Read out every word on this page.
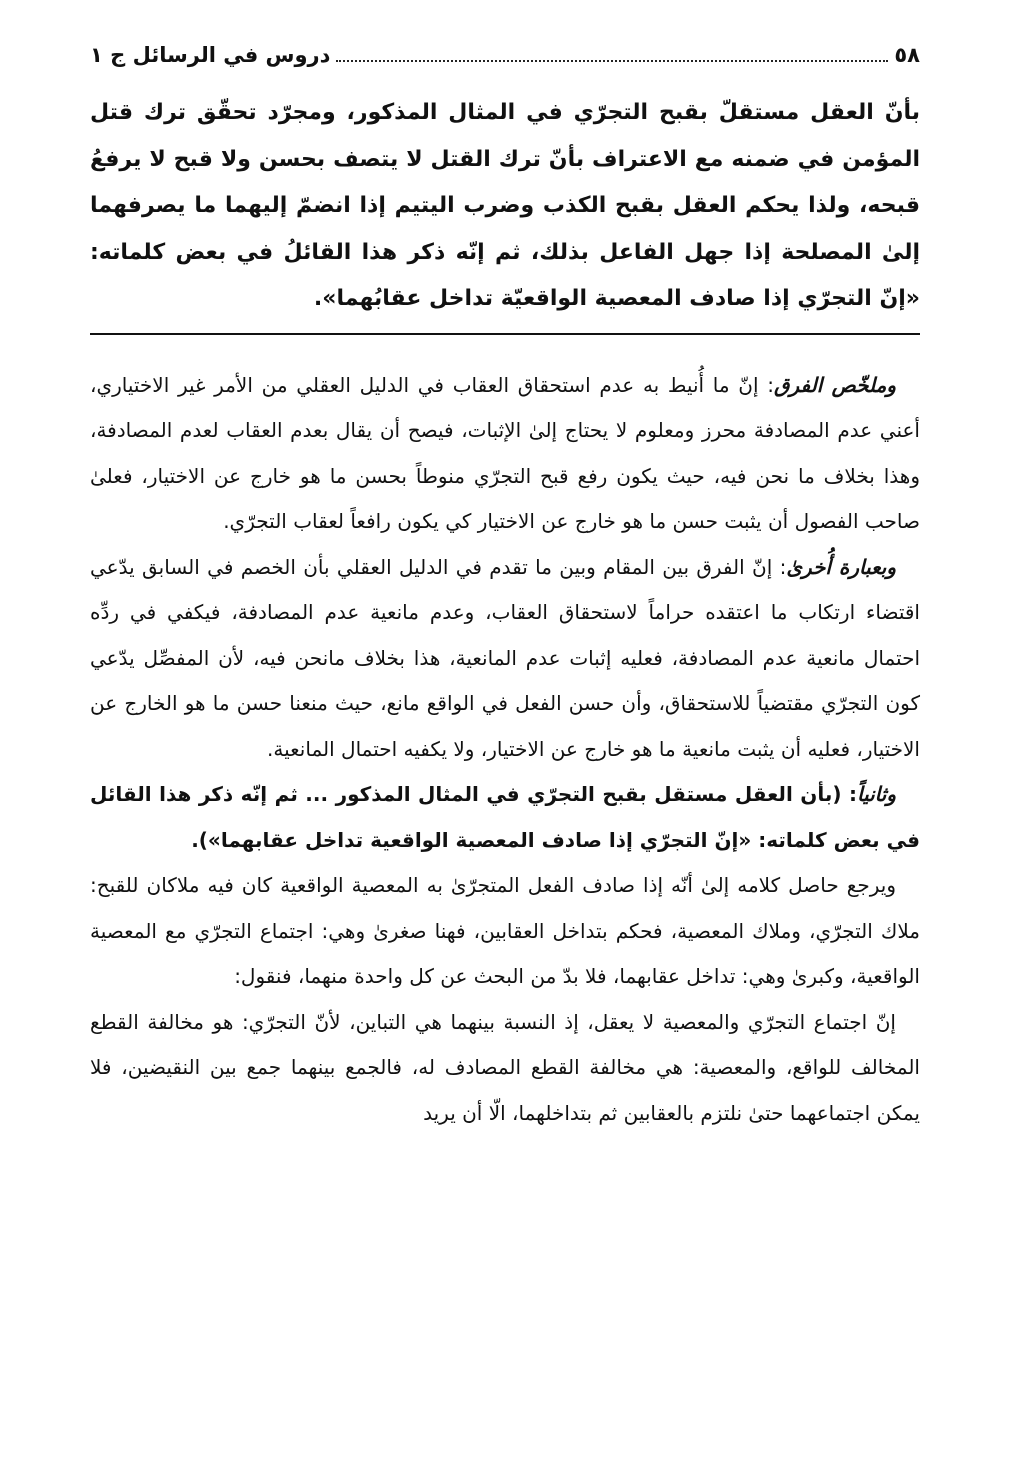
٥٨
دروس في الرسائل ج ١
بأنّ العقل مستقلّ بقبح التجرّي في المثال المذكور، ومجرّد تحقّق ترك قتل المؤمن في ضمنه مع الاعتراف بأنّ ترك القتل لا يتصف بحسن ولا قبح لا يرفعُ قبحه، ولذا يحكم العقل بقبح الكذب وضرب اليتيم إذا انضمّ إليهما ما يصرفهما إلىٰ المصلحة إذا جهل الفاعل بذلك، ثم إنّه ذكر هذا القائلُ في بعض كلماته: «إنّ التجرّي إذا صادف المعصية الواقعيّة تداخل عقابُهما».

وملخّص الفرق: إنّ ما أُنيط به عدم استحقاق العقاب في الدليل العقلي من الأمر غير الاختياري، أعني عدم المصادفة محرز ومعلوم لا يحتاج إلىٰ الإثبات، فيصح أن يقال بعدم العقاب لعدم المصادفة، وهذا بخلاف ما نحن فيه، حيث يكون رفع قبح التجرّي منوطاً بحسن ما هو خارج عن الاختيار، فعلىٰ صاحب الفصول أن يثبت حسن ما هو خارج عن الاختيار كي يكون رافعاً لعقاب التجرّي.

وبعبارة أُخرىٰ: إنّ الفرق بين المقام وبين ما تقدم في الدليل العقلي بأن الخصم في السابق يدّعي اقتضاء ارتكاب ما اعتقده حراماً لاستحقاق العقاب، وعدم مانعية عدم المصادفة، فيكفي في ردِّه احتمال مانعية عدم المصادفة، فعليه إثبات عدم المانعية، هذا بخلاف مانحن فيه، لأن المفصِّل يدّعي كون التجرّي مقتضياً للاستحقاق، وأن حسن الفعل في الواقع مانع، حيث منعنا حسن ما هو الخارج عن الاختيار، فعليه أن يثبت مانعية ما هو خارج عن الاختيار، ولا يكفيه احتمال المانعية.

وثانياً: (بأن العقل مستقل بقبح التجرّي في المثال المذكور ... ثم إنّه ذكر هذا القائل في بعض كلماته: «إنّ التجرّي إذا صادف المعصية الواقعية تداخل عقابهما»).

ويرجع حاصل كلامه إلىٰ أنّه إذا صادف الفعل المتجرّىٰ به المعصية الواقعية كان فيه ملاكان للقبح: ملاك التجرّي، وملاك المعصية، فحكم بتداخل العقابين، فهنا صغرىٰ وهي: اجتماع التجرّي مع المعصية الواقعية، وكبرىٰ وهي: تداخل عقابهما، فلا بدّ من البحث عن كل واحدة منهما، فنقول:

إنّ اجتماع التجرّي والمعصية لا يعقل، إذ النسبة بينهما هي التباين، لأنّ التجرّي: هو مخالفة القطع المخالف للواقع، والمعصية: هي مخالفة القطع المصادف له، فالجمع بينهما جمع بين النقيضين، فلا يمكن اجتماعهما حتىٰ نلتزم بالعقابين ثم بتداخلهما، الّا أن يريد
